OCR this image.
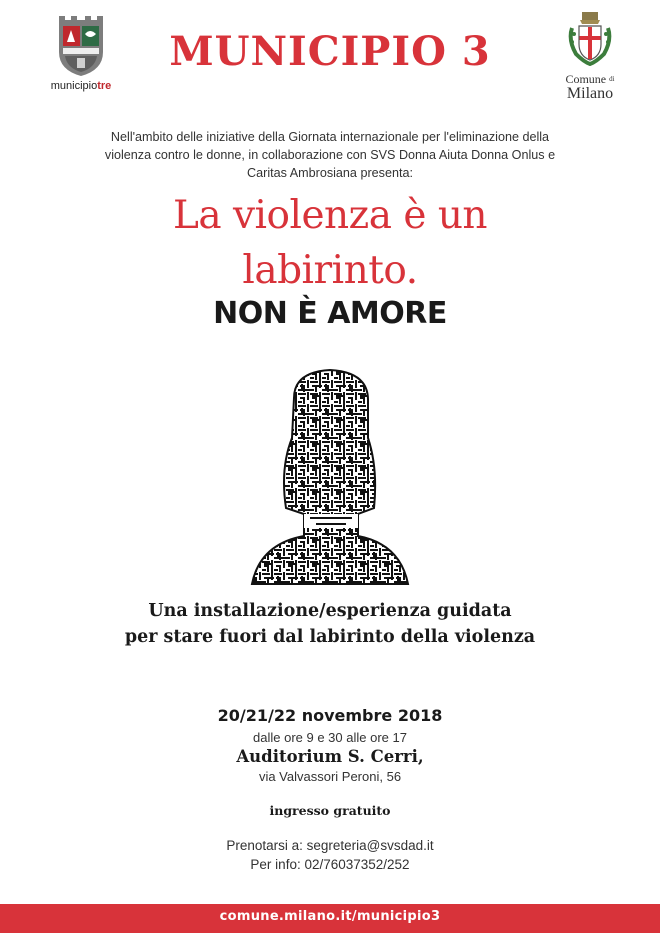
municipiotre
MUNICIPIO 3
Comune di
Milano
Nell'ambito delle iniziative della Giornata internazionale per l'eliminazione della
violenza contro le donne, in collaborazione con SVS Donna Aiuta Donna Onlus e
Caritas Ambrosiana presenta:
La violenza è un
labirinto.
NON È AMORE
Una installazione/esperienza guidata
per stare fuori dal labirinto della violenza
20/21/22 novembre 2018
dalle ore 9 e 30 alle ore 17
Auditorium S. Cerri,
via Valvassori Peroni, 56
ingresso gratuito
Prenotarsi a: segreteria@svsdad.it
Per info: 02/76037352/252
comune.milano.it/municipio3
